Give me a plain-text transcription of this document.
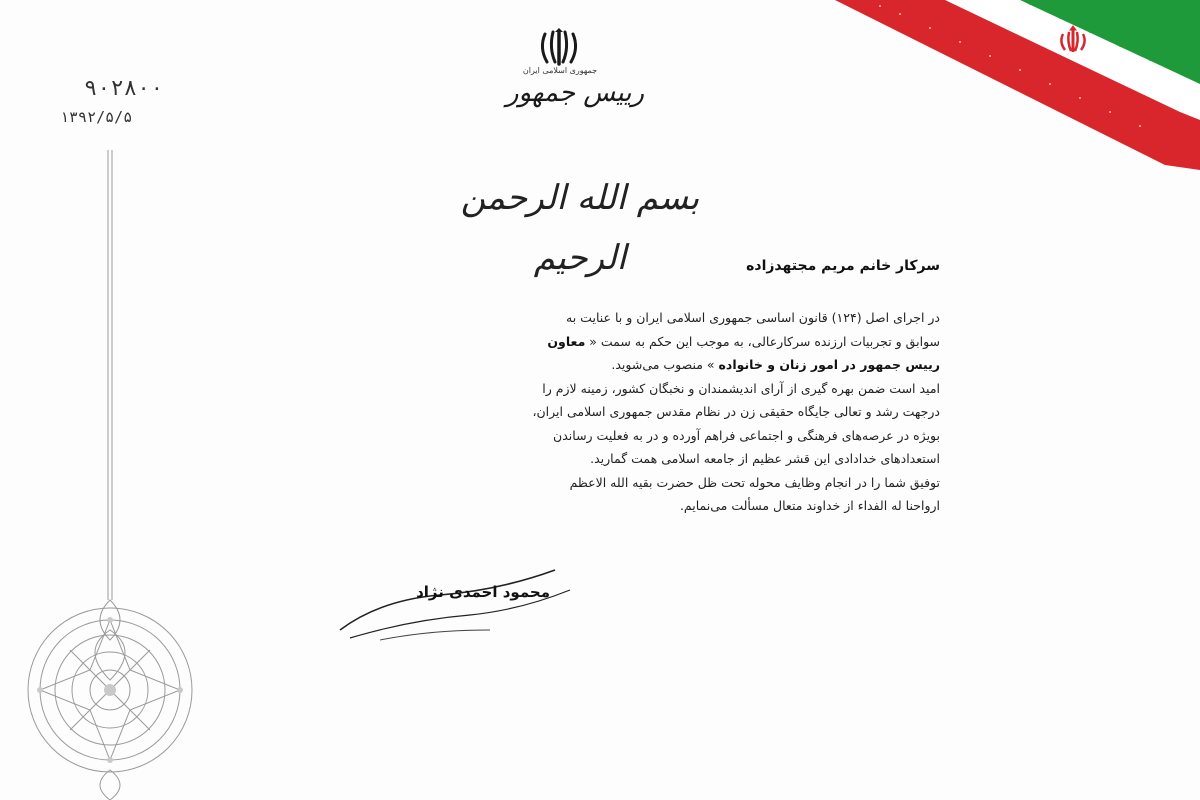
جمهوری اسلامی ایران
رییس جمهور
۹۰۲۸۰۰
۱۳۹۲/۵/۵
بسم الله الرحمن الرحیم	سرکار خانم مریم مجتهدزاده

در اجرای اصل (۱۲۴) قانون اساسی جمهوری اسلامی ایران و با عنایت به

سوابق و تجربیات ارزنده سرکارعالی، به موجب این حکم به سمت « معاون

رییس جمهور در امور زنان و خانواده » منصوب می‌شوید.

امید است ضمن بهره گیری از آرای اندیشمندان و نخبگان کشور، زمینه لازم را

درجهت رشد و تعالی جایگاه حقیقی زن در نظام مقدس جمهوری اسلامی ایران،

بویژه در عرصه‌های فرهنگی و اجتماعی فراهم آورده و در به فعلیت رساندن

استعدادهای خدادادی این قشر عظیم از جامعه اسلامی همت گمارید.

توفیق شما را در انجام وظایف محوله تحت ظل حضرت بقیه الله الاعظم

ارواحنا له الفداء از خداوند متعال مسألت می‌نمایم.

محمود احمدی نژاد
